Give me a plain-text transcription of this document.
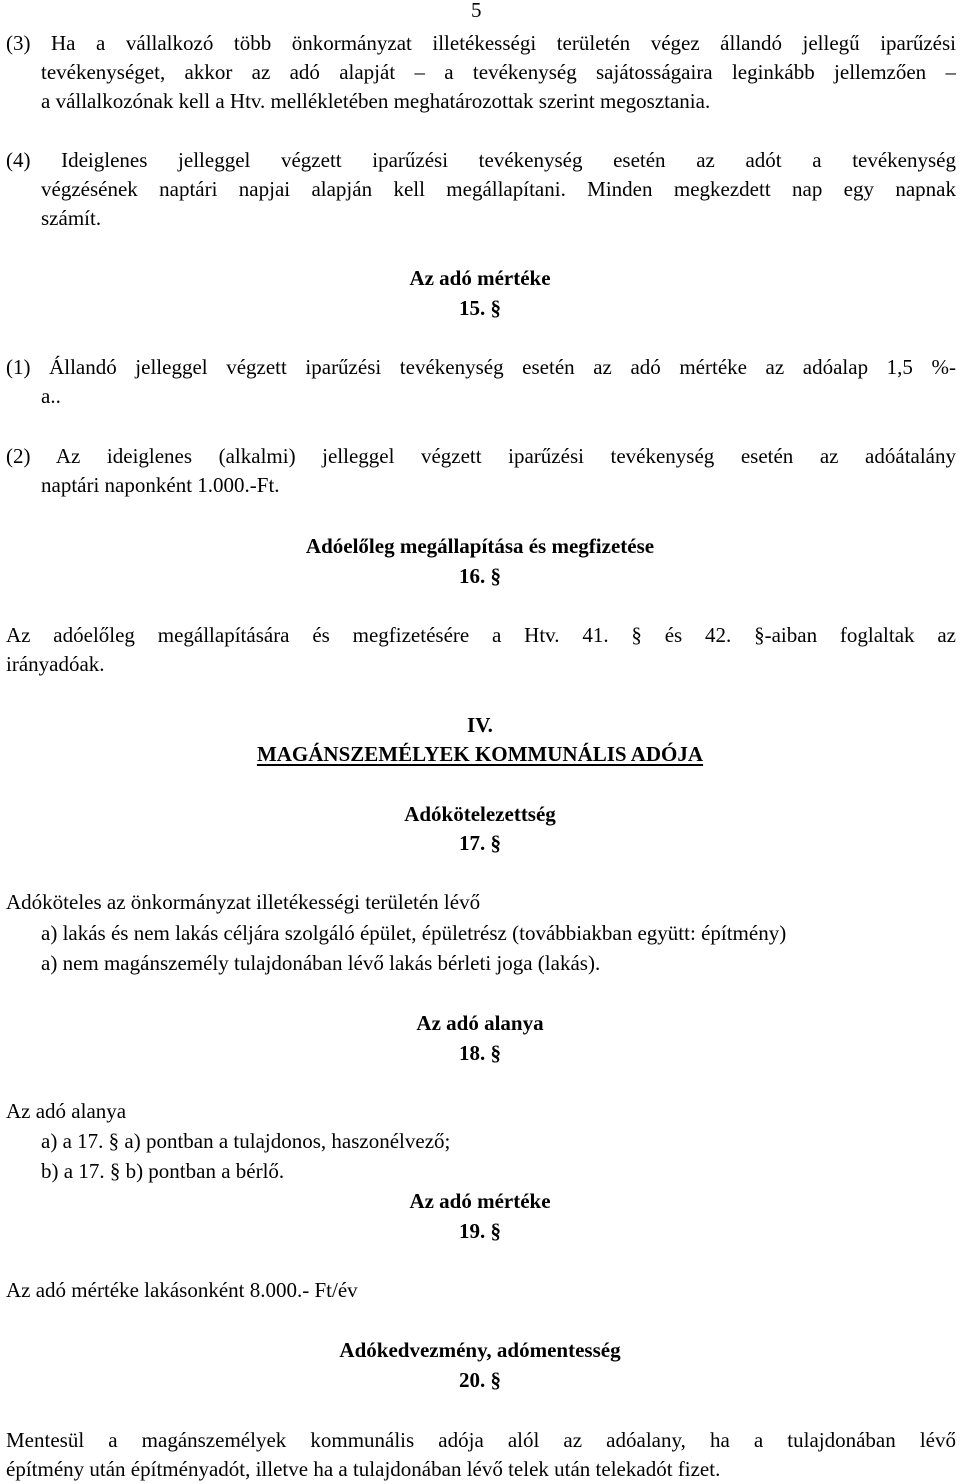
5
(3) Ha a vállalkozó több önkormányzat illetékességi területén végez állandó jellegű iparűzési
tevékenységet, akkor az adó alapját – a tevékenység sajátosságaira leginkább jellemzően –
a vállalkozónak kell a Htv. mellékletében meghatározottak szerint megosztania.
(4) Ideiglenes jelleggel végzett iparűzési tevékenység esetén az adót a tevékenység
végzésének naptári napjai alapján kell megállapítani. Minden megkezdett nap egy napnak
számít.
Az adó mértéke
15. §
(1) Állandó jelleggel végzett iparűzési tevékenység esetén az adó mértéke az adóalap 1,5 %-
a..
(2) Az ideiglenes (alkalmi) jelleggel végzett iparűzési tevékenység esetén az adóátalány
naptári naponként 1.000.-Ft.
Adóelőleg megállapítása és megfizetése
16. §
Az adóelőleg megállapítására és megfizetésére a Htv. 41. § és 42. §-aiban foglaltak az
irányadóak.
IV.
MAGÁNSZEMÉLYEK KOMMUNÁLIS ADÓJA
Adókötelezettség
17. §
Adóköteles az önkormányzat illetékességi területén lévő
a) lakás és nem lakás céljára szolgáló épület, épületrész (továbbiakban együtt: építmény)
a) nem magánszemély tulajdonában lévő lakás bérleti joga (lakás).
Az adó alanya
18. §
Az adó alanya
a) a 17. § a) pontban a tulajdonos, haszonélvező;
b) a 17. § b) pontban a bérlő.
Az adó mértéke
19. §
Az adó mértéke lakásonként 8.000.- Ft/év
Adókedvezmény, adómentesség
20. §
Mentesül a magánszemélyek kommunális adója alól az adóalany, ha a tulajdonában lévő
építmény után építményadót, illetve ha a tulajdonában lévő telek után telekadót fizet.
